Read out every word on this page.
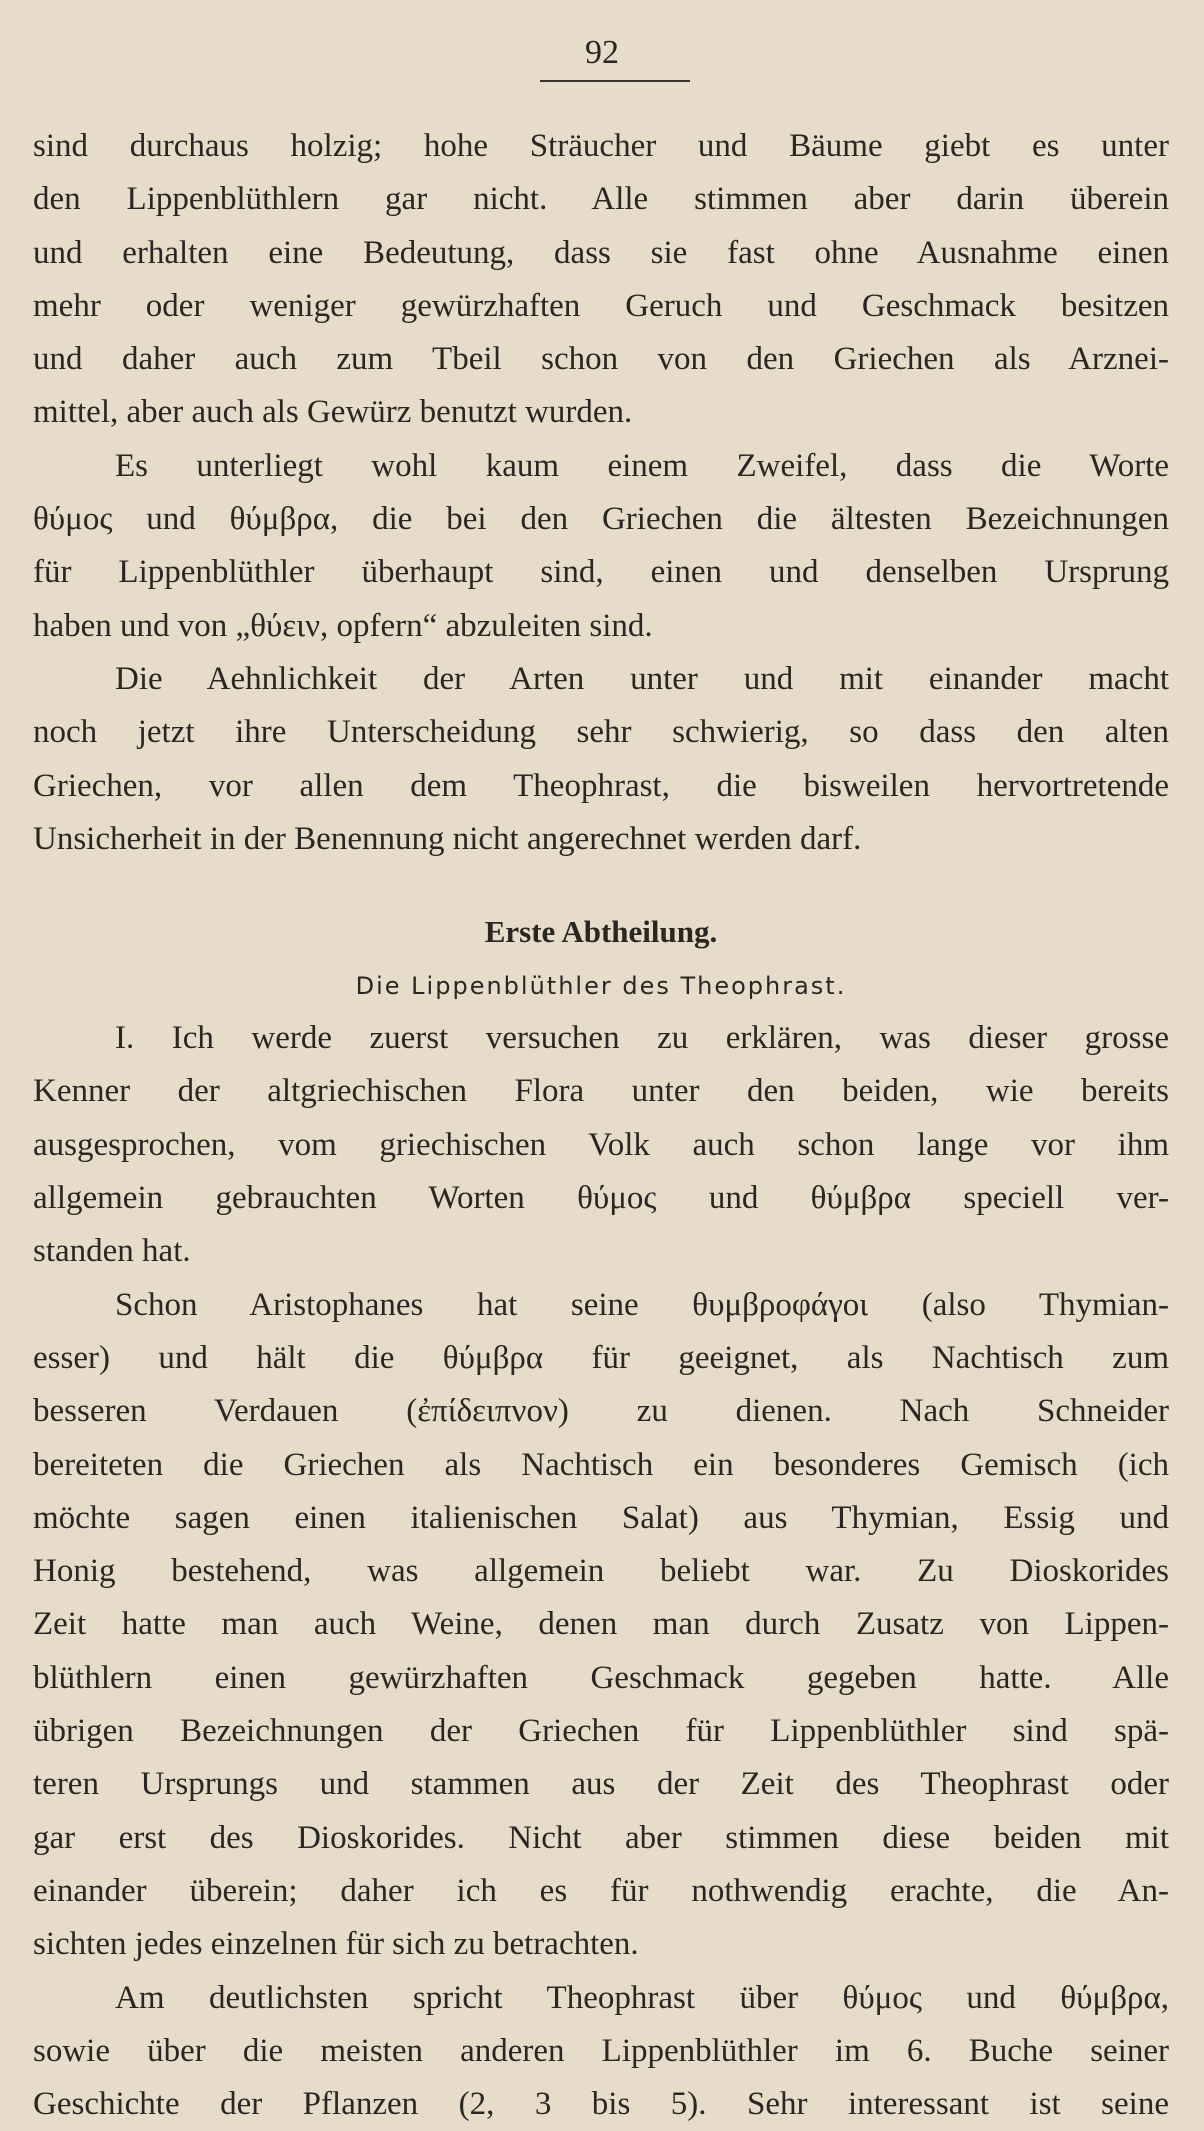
92
sind durchaus holzig; hohe Sträucher und Bäume giebt es unter
den Lippenblüthlern gar nicht. Alle stimmen aber darin überein
und erhalten eine Bedeutung, dass sie fast ohne Ausnahme einen
mehr oder weniger gewürzhaften Geruch und Geschmack besitzen
und daher auch zum Tbeil schon von den Griechen als Arznei-
mittel, aber auch als Gewürz benutzt wurden.
Es unterliegt wohl kaum einem Zweifel, dass die Worte
θύμος und θύμβρα, die bei den Griechen die ältesten Bezeichnungen
für Lippenblüthler überhaupt sind, einen und denselben Ursprung
haben und von „θύειν, opfern“ abzuleiten sind.
Die Aehnlichkeit der Arten unter und mit einander macht
noch jetzt ihre Unterscheidung sehr schwierig, so dass den alten
Griechen, vor allen dem Theophrast, die bisweilen hervortretende
Unsicherheit in der Benennung nicht angerechnet werden darf.
Erste Abtheilung.
Die Lippenblüthler des Theophrast.
I. Ich werde zuerst versuchen zu erklären, was dieser grosse
Kenner der altgriechischen Flora unter den beiden, wie bereits
ausgesprochen, vom griechischen Volk auch schon lange vor ihm
allgemein gebrauchten Worten θύμος und θύμβρα speciell ver-
standen hat.
Schon Aristophanes hat seine θυμβροφάγοι (also Thymian-
esser) und hält die θύμβρα für geeignet, als Nachtisch zum
besseren Verdauen (ἐπίδειπνον) zu dienen. Nach Schneider
bereiteten die Griechen als Nachtisch ein besonderes Gemisch (ich
möchte sagen einen italienischen Salat) aus Thymian, Essig und
Honig bestehend, was allgemein beliebt war. Zu Dioskorides
Zeit hatte man auch Weine, denen man durch Zusatz von Lippen-
blüthlern einen gewürzhaften Geschmack gegeben hatte. Alle
übrigen Bezeichnungen der Griechen für Lippenblüthler sind spä-
teren Ursprungs und stammen aus der Zeit des Theophrast oder
gar erst des Dioskorides. Nicht aber stimmen diese beiden mit
einander überein; daher ich es für nothwendig erachte, die An-
sichten jedes einzelnen für sich zu betrachten.
Am deutlichsten spricht Theophrast über θύμος und θύμβρα,
sowie über die meisten anderen Lippenblüthler im 6. Buche seiner
Geschichte der Pflanzen (2, 3 bis 5). Sehr interessant ist seine
